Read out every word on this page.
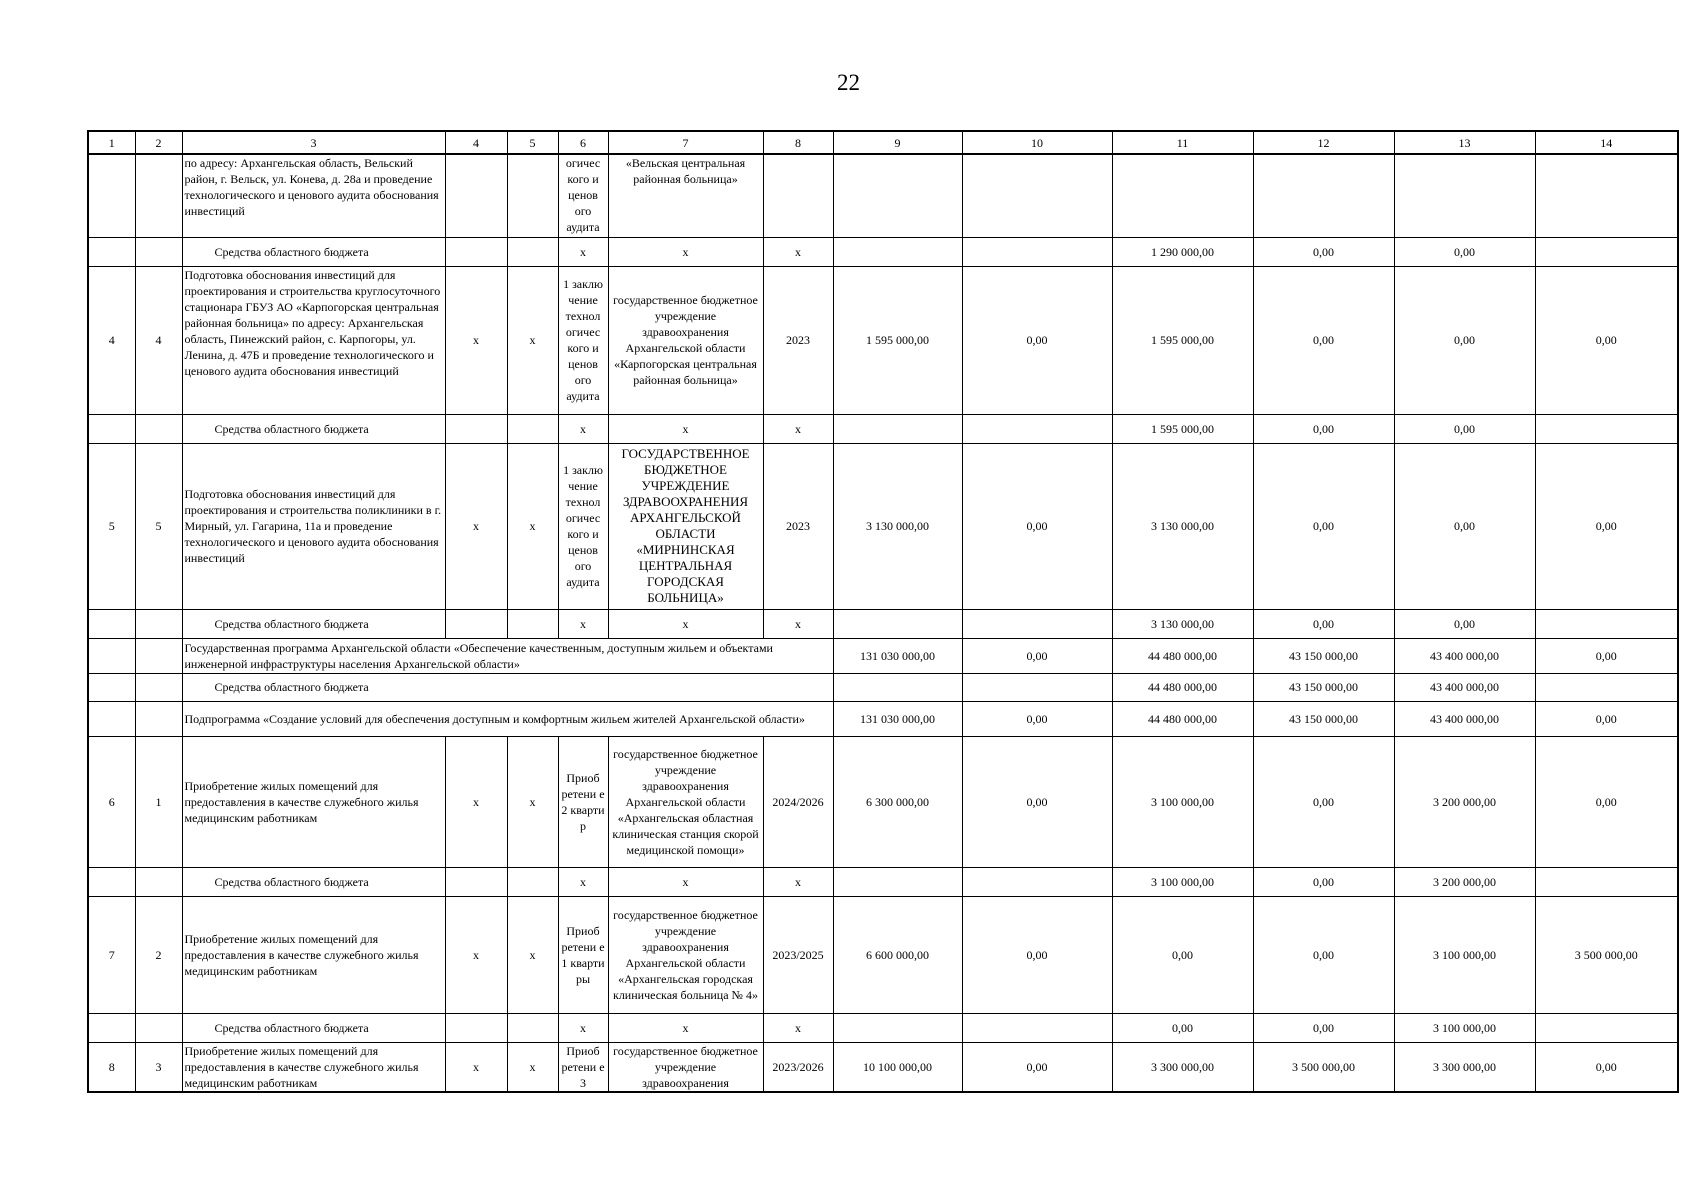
22
1	2	3	4	5	6	7	8	9	10	11	12	13	14
		по адресу: Архангельская область, Вельский район, г. Вельск, ул. Конева, д. 28а и проведение технологического и ценового аудита обоснования инвестиций			огичес кого и ценов ого аудита	«Вельская центральная районная больница»							
		Средства областного бюджета			х	х	х			1 290 000,00	0,00	0,00	
4	4	Подготовка обоснования инвестиций для проектирования и строительства круглосуточного стационара ГБУЗ АО «Карпогорская центральная районная больница» по адресу: Архангельская область, Пинежский район, с. Карпогоры, ул. Ленина, д. 47Б и проведение технологического и ценового аудита обоснования инвестиций	х	х	1 заклю чение технол огичес кого и ценов ого аудита	государственное бюджетное учреждение здравоохранения Архангельской области «Карпогорская центральная районная больница»	2023	1 595 000,00	0,00	1 595 000,00	0,00	0,00	0,00
		Средства областного бюджета			х	х	х			1 595 000,00	0,00	0,00	
5	5	Подготовка обоснования инвестиций для проектирования и строительства поликлиники в г. Мирный, ул. Гагарина, 11а и проведение технологического и ценового аудита обоснования инвестиций	х	х	1 заклю чение технол огичес кого и ценов ого аудита	ГОСУДАРСТВЕННОЕ БЮДЖЕТНОЕ УЧРЕЖДЕНИЕ ЗДРАВООХРАНЕНИЯ АРХАНГЕЛЬСКОЙ ОБЛАСТИ «МИРНИНСКАЯ ЦЕНТРАЛЬНАЯ ГОРОДСКАЯ БОЛЬНИЦА»	2023	3 130 000,00	0,00	3 130 000,00	0,00	0,00	0,00
		Средства областного бюджета			х	х	х			3 130 000,00	0,00	0,00	
		Государственная программа Архангельской области «Обеспечение качественным, доступным жильем и объектами инженерной инфраструктуры населения Архангельской области»						131 030 000,00	0,00	44 480 000,00	43 150 000,00	43 400 000,00	0,00
		Средства областного бюджета								44 480 000,00	43 150 000,00	43 400 000,00	
		Подпрограмма «Создание условий для обеспечения доступным и комфортным жильем жителей Архангельской области»						131 030 000,00	0,00	44 480 000,00	43 150 000,00	43 400 000,00	0,00
6	1	Приобретение жилых помещений для предоставления в качестве служебного жилья медицинским работникам	х	х	Приоб ретени е 2 кварти р	государственное бюджетное учреждение здравоохранения Архангельской области «Архангельская областная клиническая станция скорой медицинской помощи»	2024/2026	6 300 000,00	0,00	3 100 000,00	0,00	3 200 000,00	0,00
		Средства областного бюджета			х	х	х			3 100 000,00	0,00	3 200 000,00	
7	2	Приобретение жилых помещений для предоставления в качестве служебного жилья медицинским работникам	х	х	Приоб ретени е 1 кварти ры	государственное бюджетное учреждение здравоохранения Архангельской области «Архангельская городская клиническая больница № 4»	2023/2025	6 600 000,00	0,00	0,00	0,00	3 100 000,00	3 500 000,00
		Средства областного бюджета			х	х	х			0,00	0,00	3 100 000,00	
8	3	Приобретение жилых помещений для предоставления в качестве служебного жилья медицинским работникам	х	х	Приоб ретени е 3	государственное бюджетное учреждение здравоохранения	2023/2026	10 100 000,00	0,00	3 300 000,00	3 500 000,00	3 300 000,00	0,00
